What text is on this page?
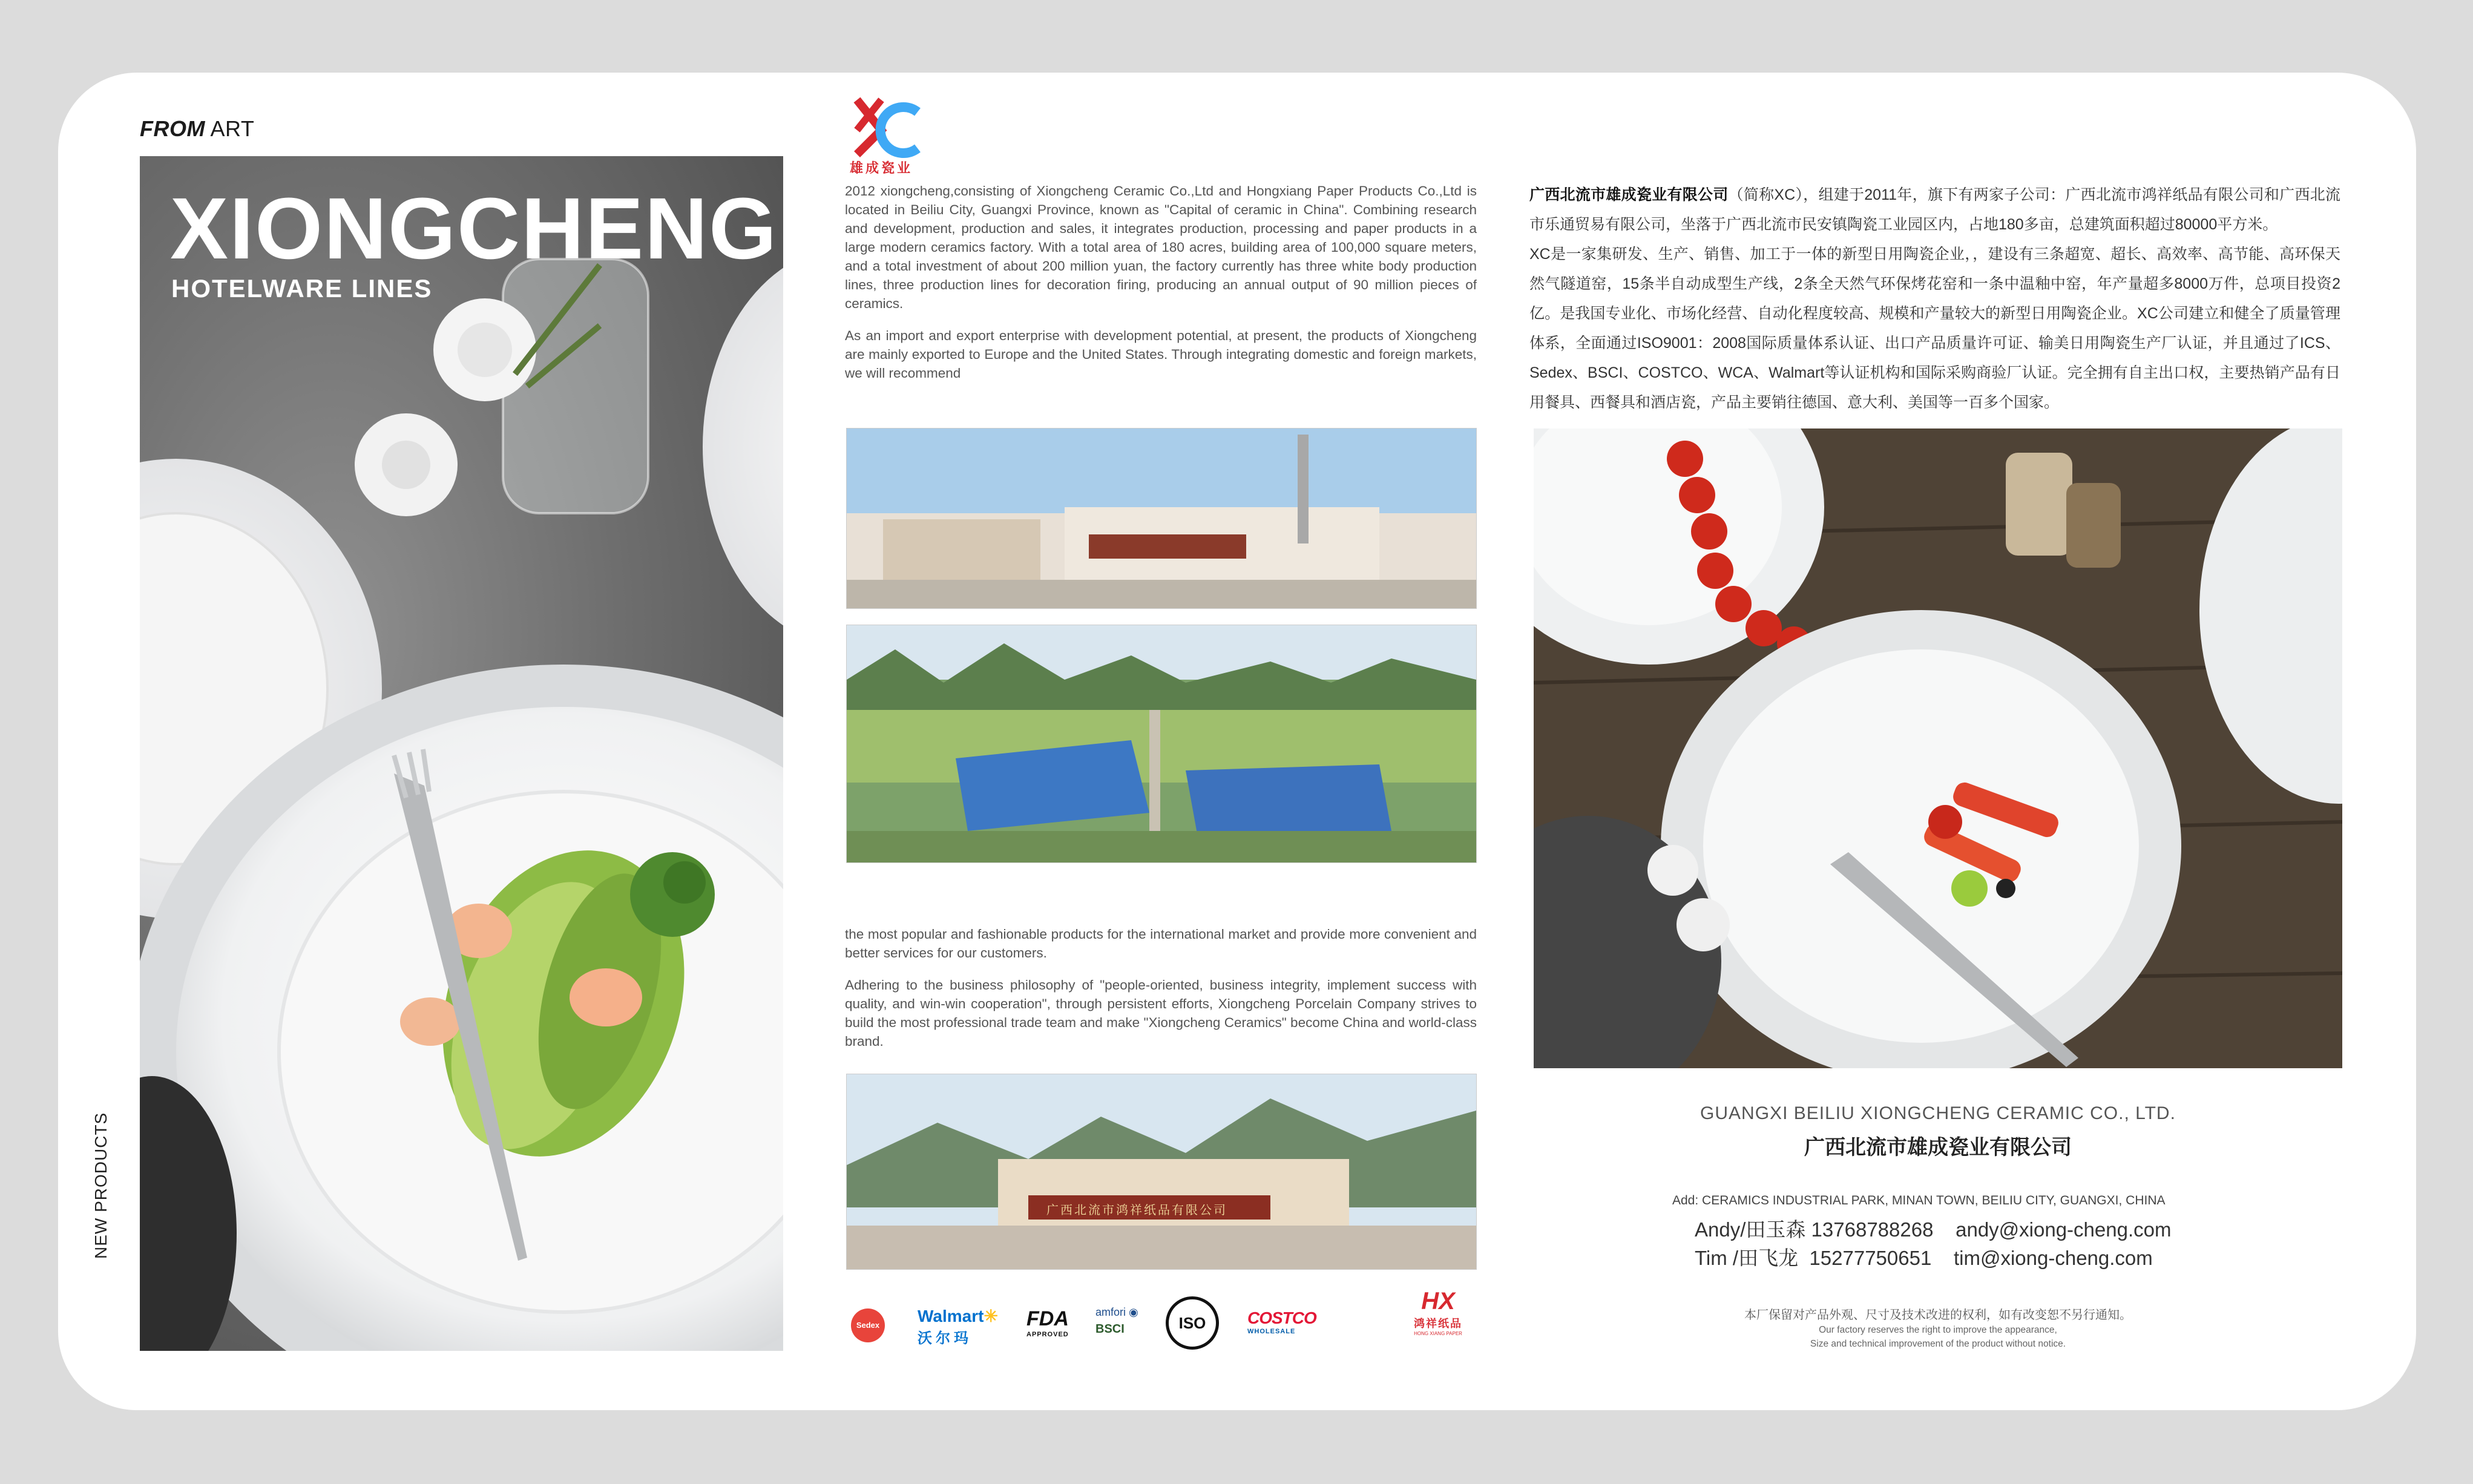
FROM ART
XIONGCHENG
HOTELWARE LINES
NEW PRODUCTS
雄成瓷业

2012 xiongcheng,consisting of Xiongcheng Ceramic Co.,Ltd and Hongxiang Paper Products Co.,Ltd is located in Beiliu City, Guangxi Province, known as "Capital of ceramic in China". Combining research and development, production and sales, it integrates production, processing and paper products in a large modern ceramics factory. With a total area of 180 acres, building area of 100,000 square meters, and a total investment of about 200 million yuan, the factory currently has three white body production lines, three production lines for decoration firing, producing an annual output of 90 million pieces of ceramics.

As an import and export enterprise with development potential, at present, the products of Xiongcheng are mainly exported to Europe and the United States. Through integrating domestic and foreign markets, we will recommend

the most popular and fashionable products for the international market and provide more convenient and better services for our customers.

Adhering to the business philosophy of "people-oriented, business integrity, implement success with quality, and win-win cooperation", through persistent efforts, Xiongcheng Porcelain Company strives to build the most professional trade team and make "Xiongcheng Ceramics" become China and world-class brand.

广西北流市鸿祥纸品有限公司
Sedex	Walmart✳
沃尔玛
FDA
APPROVED
amfori ◉
BSCI	ISO	COSTCO
WHOLESALE
HX
鸿祥纸品
HONG XIANG PAPER
广西北流市雄成瓷业有限公司（简称XC），组建于2011年，旗下有两家子公司：广西北流市鸿祥纸品有限公司和广西北流市乐通贸易有限公司，坐落于广西北流市民安镇陶瓷工业园区内，占地180多亩，总建筑面积超过80000平方米。
XC是一家集研发、生产、销售、加工于一体的新型日用陶瓷企业，，建设有三条超宽、超长、高效率、高节能、高环保天然气隧道窑，15条半自动成型生产线，2条全天然气环保烤花窑和一条中温釉中窑，年产量超多8000万件，总项目投资2亿。是我国专业化、市场化经营、自动化程度较高、规模和产量较大的新型日用陶瓷企业。XC公司建立和健全了质量管理体系，全面通过ISO9001：2008国际质量体系认证、出口产品质量许可证、输美日用陶瓷生产厂认证，并且通过了ICS、Sedex、BSCI、COSTCO、WCA、Walmart等认证机构和国际采购商验厂认证。完全拥有自主出口权，主要热销产品有日用餐具、西餐具和酒店瓷，产品主要销往德国、意大利、美国等一百多个国家。
GUANGXI BEILIU XIONGCHENG CERAMIC CO., LTD.
广西北流市雄成瓷业有限公司
Add: CERAMICS INDUSTRIAL PARK, MINAN TOWN, BEILIU CITY, GUANGXI, CHINA
Andy/田玉森 13768788268    andy@xiong-cheng.com
Tim /田飞龙  15277750651    tim@xiong-cheng.com
本厂保留对产品外观、尺寸及技术改进的权利，如有改变恕不另行通知。
Our factory reserves the right to improve the appearance,
Size and technical improvement of the product without notice.
